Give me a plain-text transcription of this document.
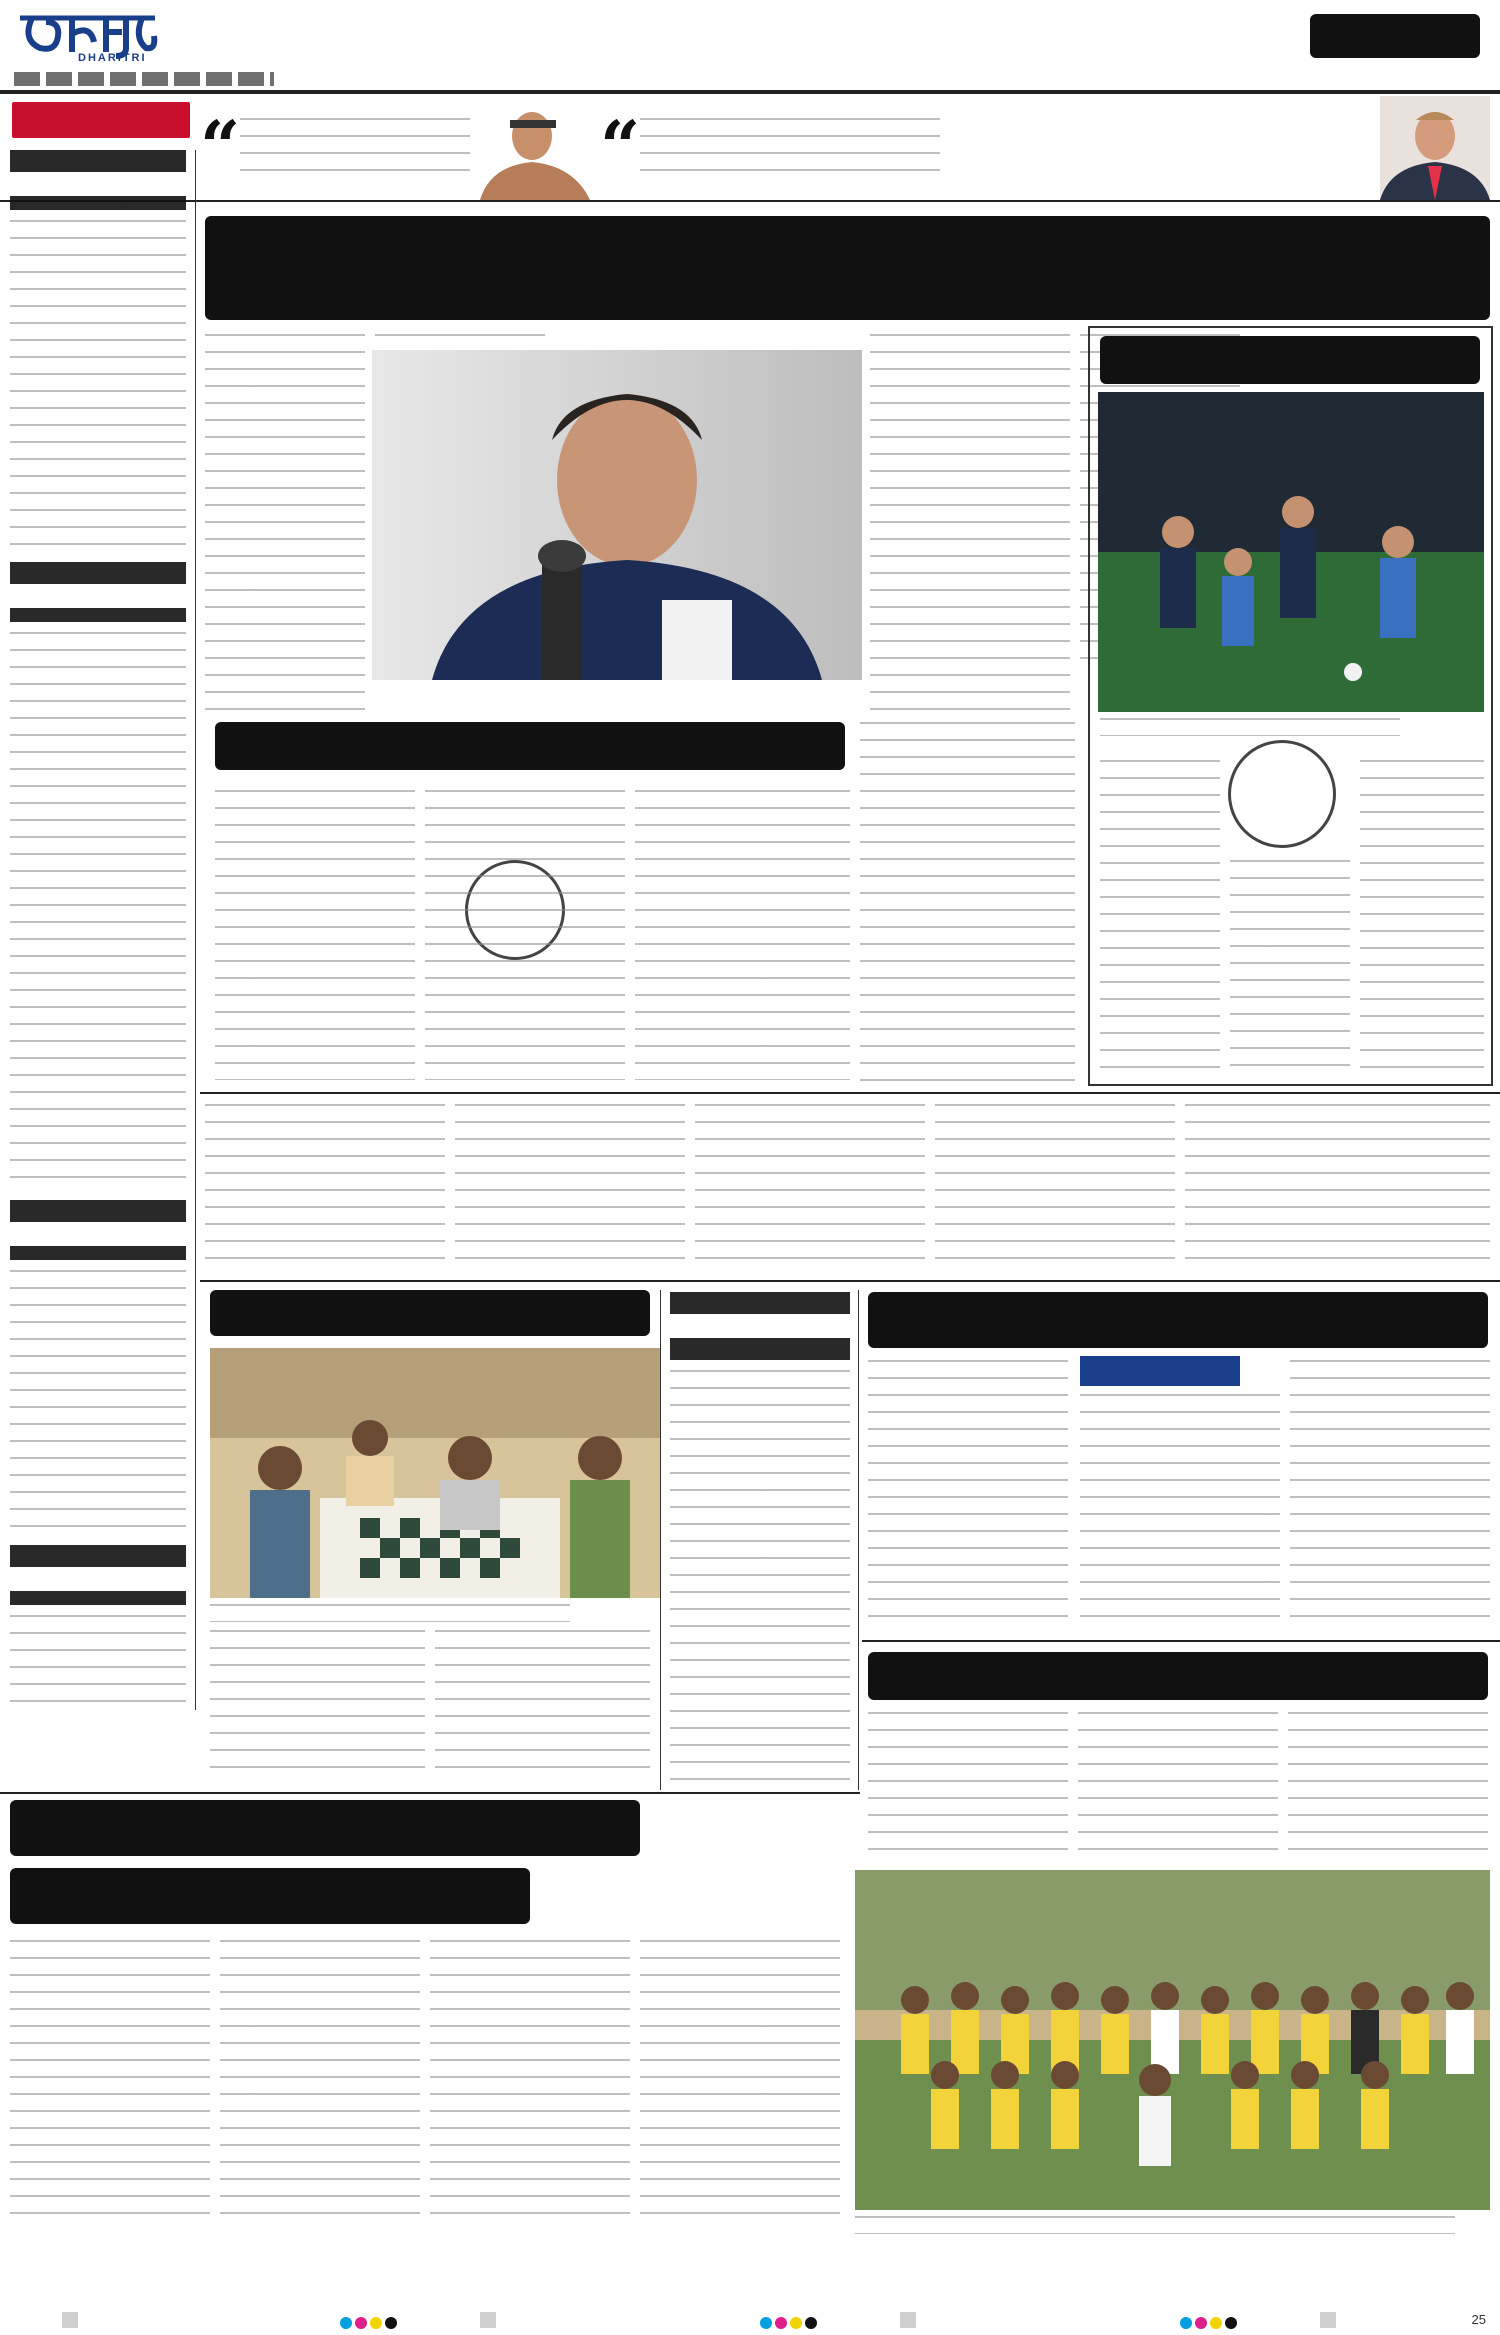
DHARITRI
“	“
25
